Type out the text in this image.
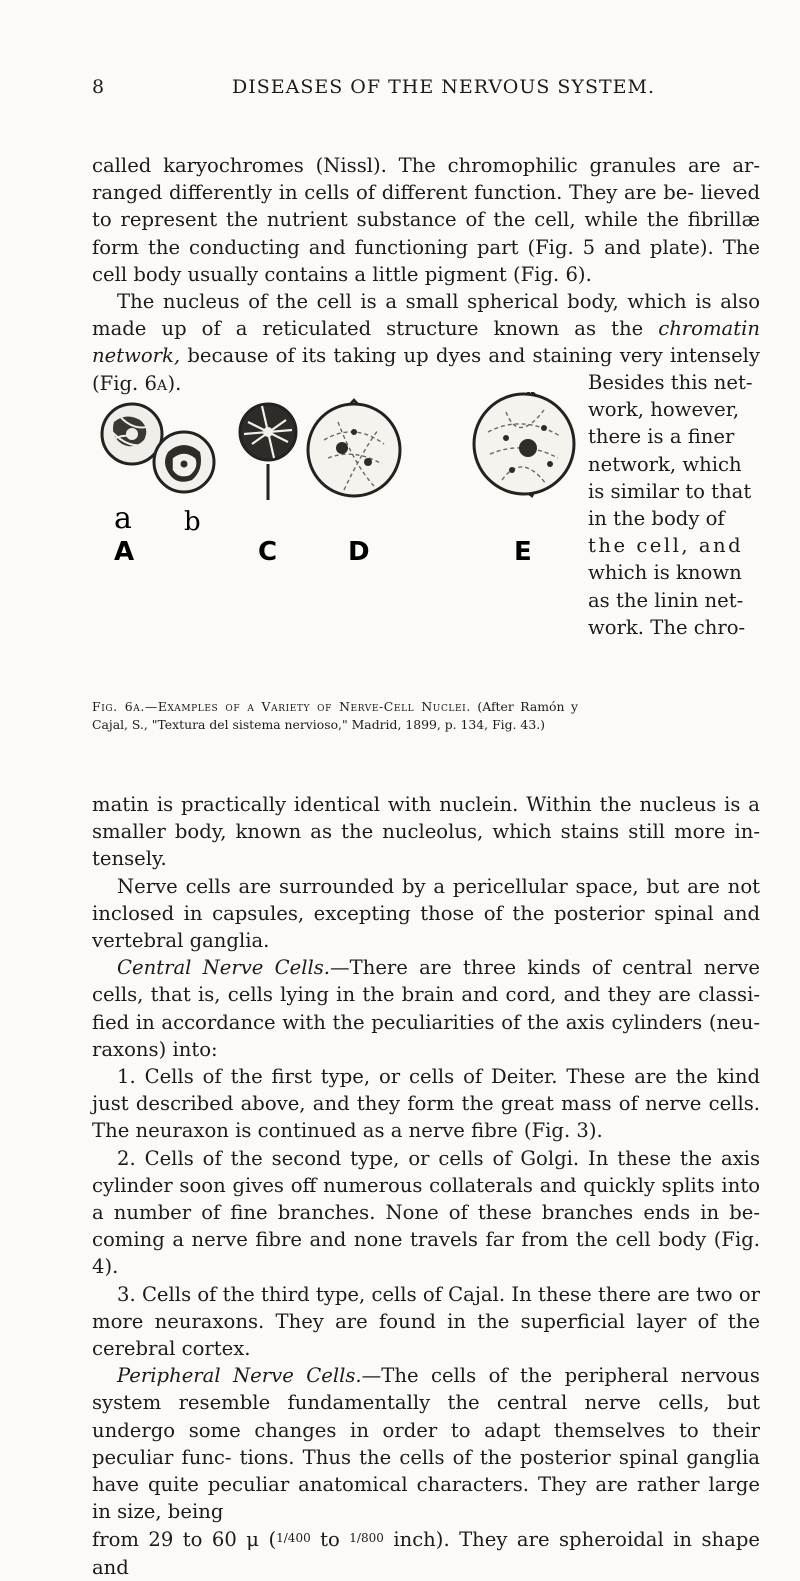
8	DISEASES OF THE NERVOUS SYSTEM.

called karyochromes (Nissl). The chromophilic granules are ar- ranged differently in cells of different function. They are be- lieved to represent the nutrient substance of the cell, while the fibrillæ form the conducting and functioning part (Fig. 5 and plate). The cell body usually contains a little pigment (Fig. 6).

The nucleus of the cell is a small spherical body, which is also made up of a reticulated structure known as the chromatin network, because of its taking up dyes and staining very intensely (Fig. 6a).	Besides this net-

work, however,

there is a finer

network, which

is similar to that

in the body of

the cell, and

which is known

as the linin net-

work. The chro-

a b
A	C	D	E
Fig. 6a.—Examples of a Variety of Nerve-Cell Nuclei. (After Ramón y Cajal, S., "Textura del sistema nervioso," Madrid, 1899, p. 134, Fig. 43.)

matin is practically identical with nuclein. Within the nucleus is a smaller body, known as the nucleolus, which stains still more in- tensely.

Nerve cells are surrounded by a pericellular space, but are not inclosed in capsules, excepting those of the posterior spinal and vertebral ganglia.

Central Nerve Cells.—There are three kinds of central nerve cells, that is, cells lying in the brain and cord, and they are classi- fied in accordance with the peculiarities of the axis cylinders (neu- raxons) into:

1. Cells of the first type, or cells of Deiter. These are the kind just described above, and they form the great mass of nerve cells. The neuraxon is continued as a nerve fibre (Fig. 3).

2. Cells of the second type, or cells of Golgi. In these the axis cylinder soon gives off numerous collaterals and quickly splits into a number of fine branches. None of these branches ends in be- coming a nerve fibre and none travels far from the cell body (Fig. 4).

3. Cells of the third type, cells of Cajal. In these there are two or more neuraxons. They are found in the superficial layer of the cerebral cortex.

Peripheral Nerve Cells.—The cells of the peripheral nervous system resemble fundamentally the central nerve cells, but undergo some changes in order to adapt themselves to their peculiar func- tions. Thus the cells of the posterior spinal ganglia have quite peculiar anatomical characters. They are rather large in size, being

from 29 to 60 μ ($^{1/400}$ to $^{1/800}$ inch). They are spheroidal in shape and
